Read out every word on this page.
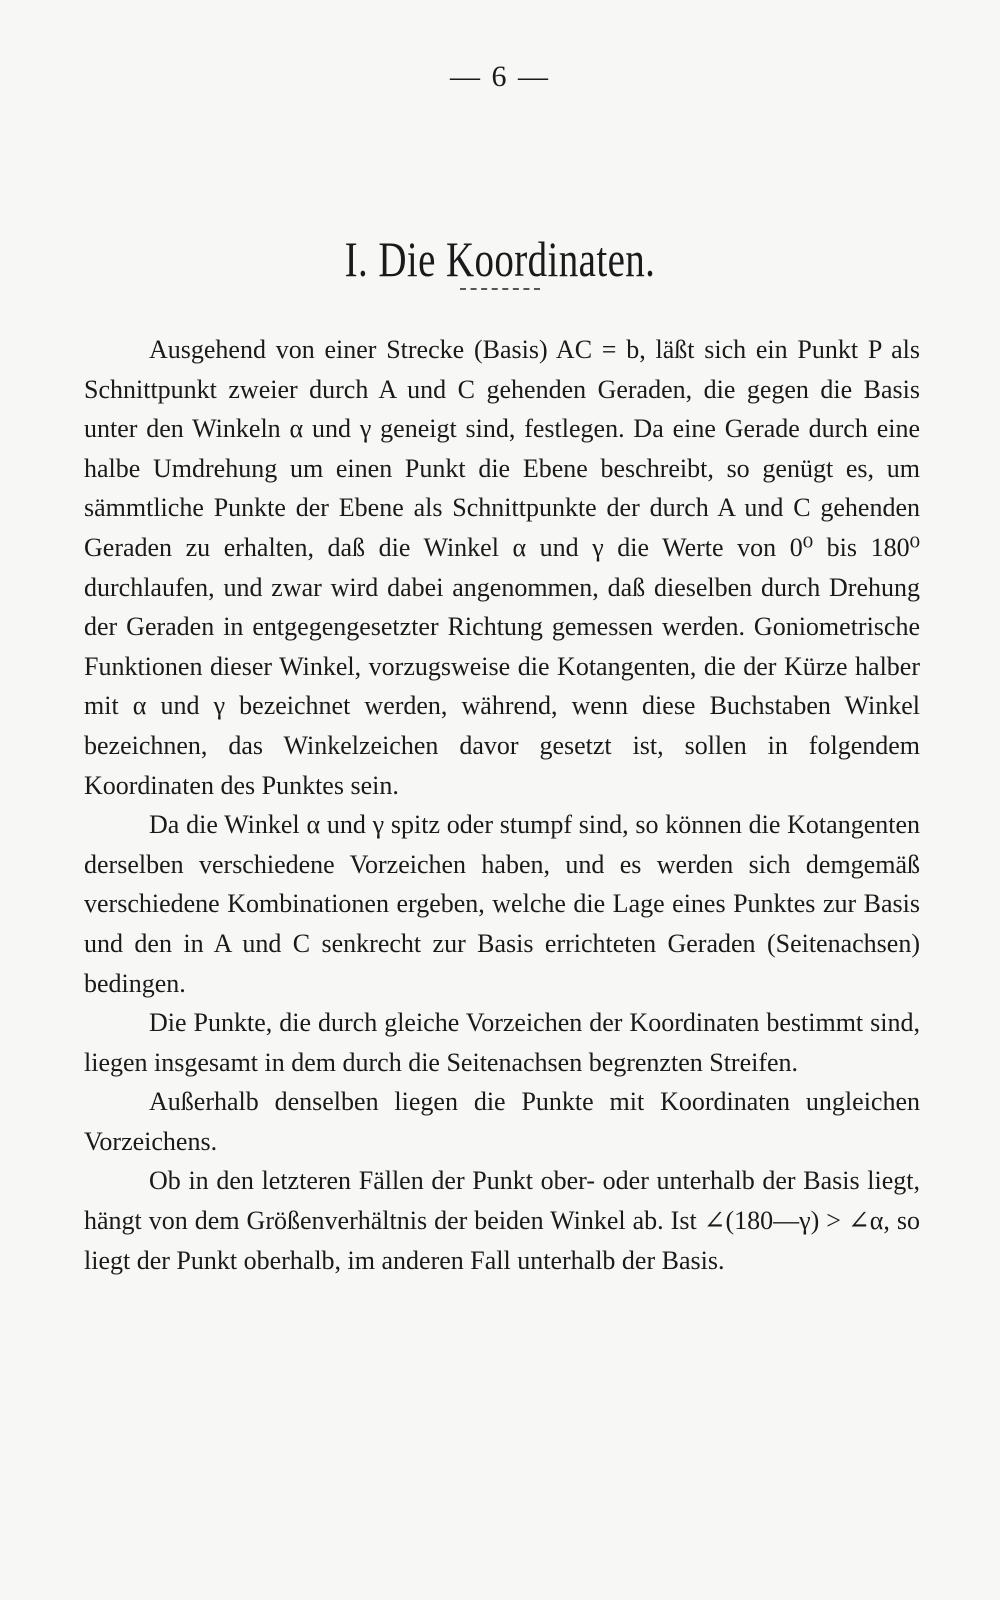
— 6 —
I. Die Koordinaten.

Ausgehend von einer Strecke (Basis) AC = b, läßt sich ein Punkt P als Schnittpunkt zweier durch A und C gehenden Geraden, die gegen die Basis unter den Winkeln α und γ geneigt sind, festlegen. Da eine Gerade durch eine halbe Umdrehung um einen Punkt die Ebene beschreibt, so genügt es, um sämmtliche Punkte der Ebene als Schnittpunkte der durch A und C gehenden Geraden zu erhalten, daß die Winkel α und γ die Werte von 0⁰ bis 180⁰ durchlaufen, und zwar wird dabei angenommen, daß dieselben durch Drehung der Geraden in entgegengesetzter Richtung gemessen werden. Goniometrische Funktionen dieser Winkel, vorzugsweise die Kotangenten, die der Kürze halber mit α und γ bezeichnet werden, während, wenn diese Buchstaben Winkel bezeichnen, das Winkelzeichen davor gesetzt ist, sollen in folgendem Koordinaten des Punktes sein.

Da die Winkel α und γ spitz oder stumpf sind, so können die Kotangenten derselben verschiedene Vorzeichen haben, und es werden sich demgemäß verschiedene Kombinationen ergeben, welche die Lage eines Punktes zur Basis und den in A und C senkrecht zur Basis errichteten Geraden (Seitenachsen) bedingen.

Die Punkte, die durch gleiche Vorzeichen der Koordinaten bestimmt sind, liegen insgesamt in dem durch die Seitenachsen begrenzten Streifen.

Außerhalb denselben liegen die Punkte mit Koordinaten ungleichen Vorzeichens.

Ob in den letzteren Fällen der Punkt ober- oder unterhalb der Basis liegt, hängt von dem Größenverhältnis der beiden Winkel ab. Ist ∠(180—γ) > ∠α, so liegt der Punkt oberhalb, im anderen Fall unterhalb der Basis.
